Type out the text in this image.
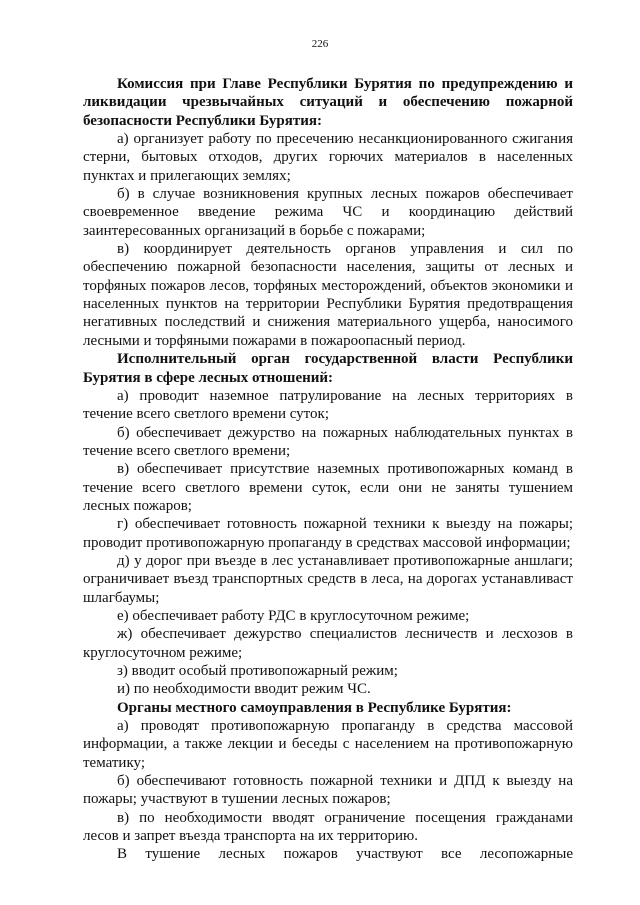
226

Комиссия при Главе Республики Бурятия по предупреждению и ликвидации чрезвычайных ситуаций и обеспечению пожарной безопасности Республики Бурятия:

а) организует работу по пресечению несанкционированного сжигания стерни, бытовых отходов, других горючих материалов в населенных пунктах и прилегающих землях;

б) в случае возникновения крупных лесных пожаров обеспечивает своевременное введение режима ЧС и координацию действий заинтересованных организаций в борьбе с пожарами;

в) координирует деятельность органов управления и сил по обеспечению пожарной безопасности населения, защиты от лесных и торфяных пожаров лесов, торфяных месторождений, объектов экономики и населенных пунктов на территории Республики Бурятия предотвращения негативных последствий и снижения материального ущерба, наносимого лесными и торфяными пожарами в пожароопасный период.

Исполнительный орган государственной власти Республики Бурятия в сфере лесных отношений:

а) проводит наземное патрулирование на лесных территориях в течение всего светлого времени суток;

б) обеспечивает дежурство на пожарных наблюдательных пунктах в течение всего светлого времени;

в) обеспечивает присутствие наземных противопожарных команд в течение всего светлого времени суток, если они не заняты тушением лесных пожаров;

г) обеспечивает готовность пожарной техники к выезду на пожары; проводит противопожарную пропаганду в средствах массовой информации;

д) у дорог при въезде в лес устанавливает противопожарные аншлаги; ограничивает въезд транспортных средств в леса, на дорогах устанавливаст шлагбаумы;

е) обеспечивает работу РДС в круглосуточном режиме;

ж) обеспечивает дежурство специалистов лесничеств и лесхозов в круглосуточном режиме;

з) вводит особый противопожарный режим;

и) по необходимости вводит режим ЧС.

Органы местного самоуправления в Республике Бурятия:

а) проводят противопожарную пропаганду в средства массовой информации, а также лекции и беседы с населением на противопожарную тематику;

б) обеспечивают готовность пожарной техники и ДПД к выезду на пожары; участвуют в тушении лесных пожаров;

в) по необходимости вводят ограничение посещения гражданами лесов и запрет въезда транспорта на их территорию.

В тушение лесных пожаров участвуют все лесопожарные
